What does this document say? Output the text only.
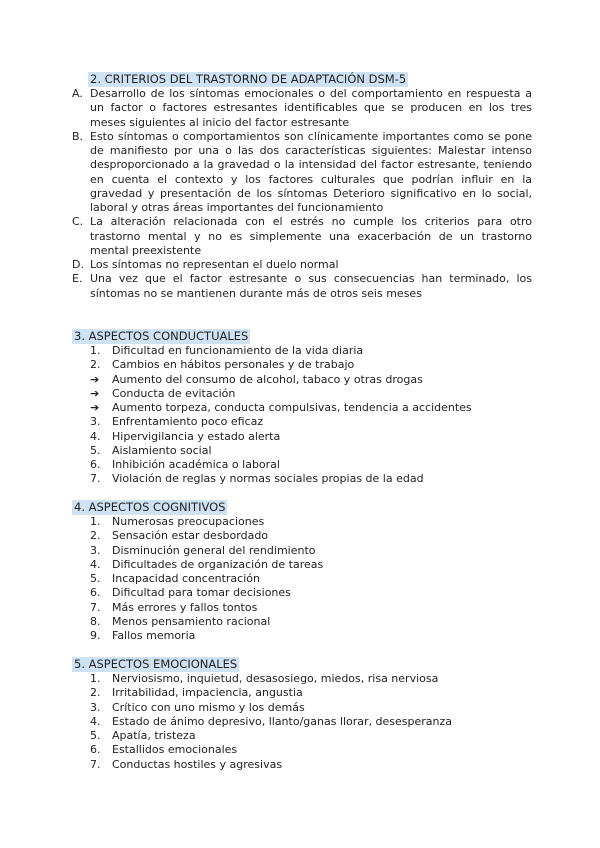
2. CRITERIOS DEL TRASTORNO DE ADAPTACIÓN DSM-5
A. Desarrollo de los síntomas emocionales o del comportamiento en respuesta a un factor o factores estresantes identificables que se producen en los tres meses siguientes al inicio del factor estresante
B. Esto síntomas o comportamientos son clínicamente importantes como se pone de manifiesto por una o las dos características siguientes: Malestar intenso desproporcionado a la gravedad o la intensidad del factor estresante, teniendo en cuenta el contexto y los factores culturales que podrían influir en la gravedad y presentación de los síntomas Deterioro significativo en lo social, laboral y otras áreas importantes del funcionamiento
C. La alteración relacionada con el estrés no cumple los criterios para otro trastorno mental y no es simplemente una exacerbación de un trastorno mental preexistente
D. Los síntomas no representan el duelo normal
E. Una vez que el factor estresante o sus consecuencias han terminado, los síntomas no se mantienen durante más de otros seis meses
3. ASPECTOS CONDUCTUALES
1.	Dificultad en funcionamiento de la vida diaria
2.	Cambios en hábitos personales y de trabajo
➔	Aumento del consumo de alcohol, tabaco y otras drogas
➔	Conducta de evitación
➔	Aumento torpeza, conducta compulsivas, tendencia a accidentes
3.	Enfrentamiento poco eficaz
4.	Hipervigilancia y estado alerta
5.	Aislamiento social
6.	Inhibición académica o laboral
7.	Violación de reglas y normas sociales propias de la edad
4. ASPECTOS COGNITIVOS
1.	Numerosas preocupaciones
2.	Sensación estar desbordado
3.	Disminución general del rendimiento
4.	Dificultades de organización de tareas
5.	Incapacidad concentración
6.	Dificultad para tomar decisiones
7.	Más errores y fallos tontos
8.	Menos pensamiento racional
9.	Fallos memoria
5. ASPECTOS EMOCIONALES
1.	Nerviosismo, inquietud, desasosiego, miedos, risa nerviosa
2.	Irritabilidad, impaciencia, angustia
3.	Crítico con uno mismo y los demás
4.	Estado de ánimo depresivo, llanto/ganas llorar, desesperanza
5.	Apatía, tristeza
6.	Estallidos emocionales
7.	Conductas hostiles y agresivas
